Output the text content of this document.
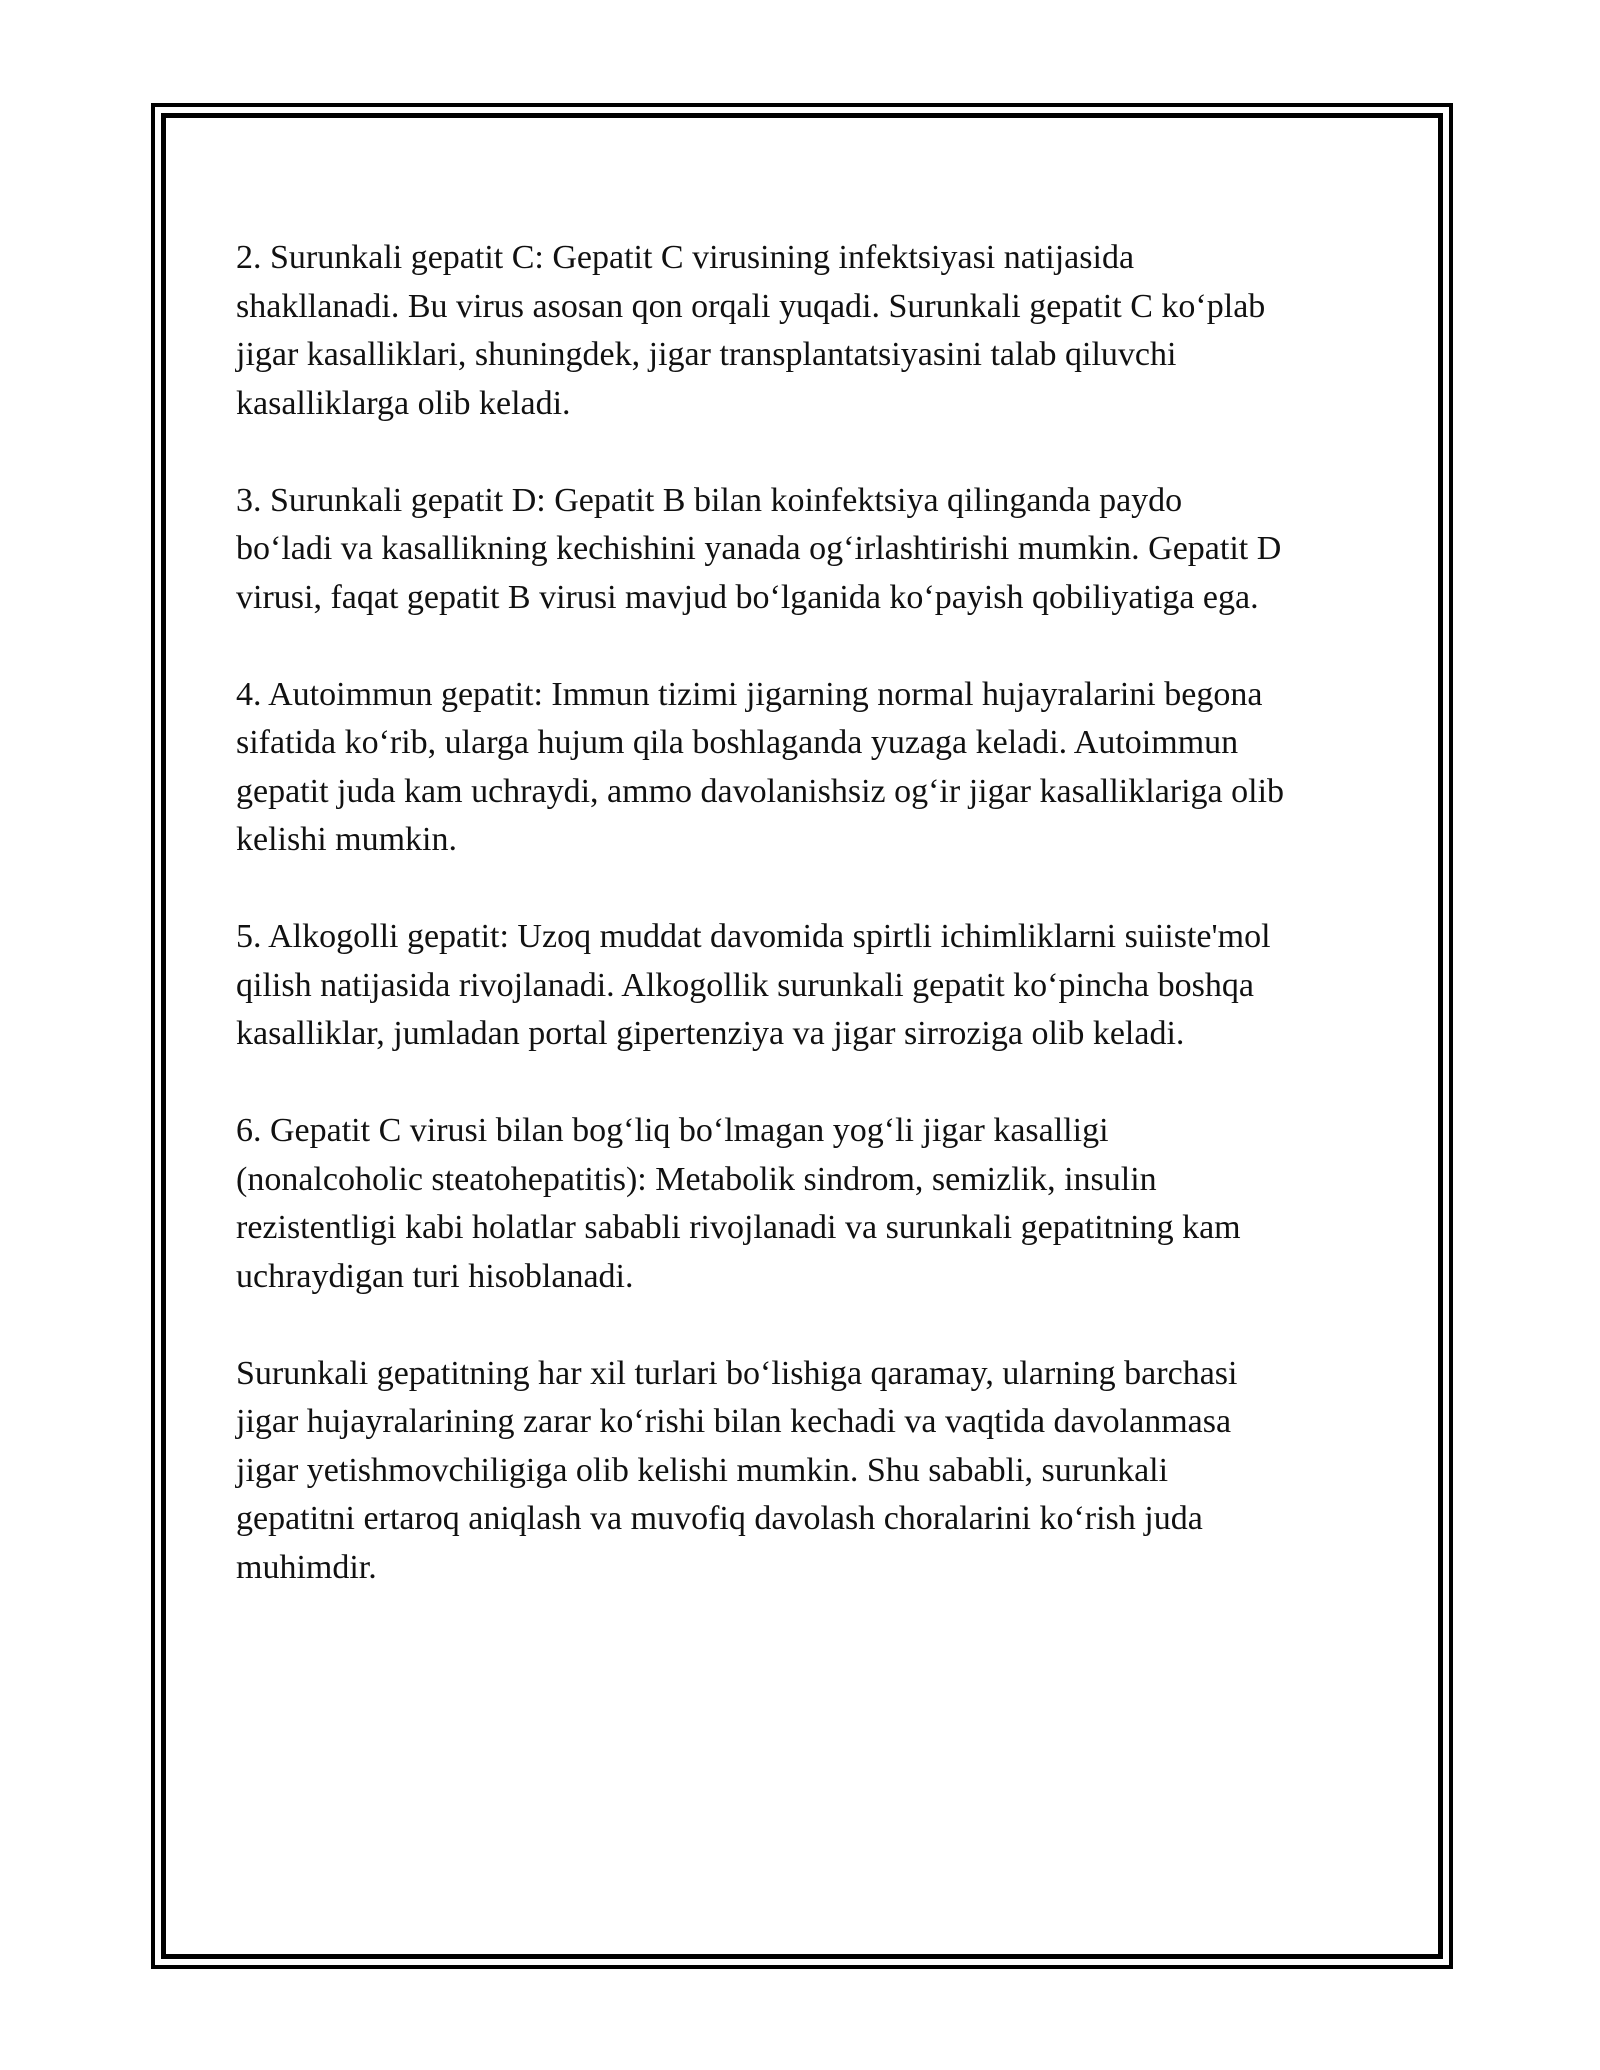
2. Surunkali gepatit C: Gepatit C virusining infektsiyasi natijasida
shakllanadi. Bu virus asosan qon orqali yuqadi. Surunkali gepatit C ko‘plab
jigar kasalliklari, shuningdek, jigar transplantatsiyasini talab qiluvchi
kasalliklarga olib keladi.

3. Surunkali gepatit D: Gepatit B bilan koinfektsiya qilinganda paydo
bo‘ladi va kasallikning kechishini yanada og‘irlashtirishi mumkin. Gepatit D
virusi, faqat gepatit B virusi mavjud bo‘lganida ko‘payish qobiliyatiga ega.

4. Autoimmun gepatit: Immun tizimi jigarning normal hujayralarini begona
sifatida ko‘rib, ularga hujum qila boshlaganda yuzaga keladi. Autoimmun
gepatit juda kam uchraydi, ammo davolanishsiz og‘ir jigar kasalliklariga olib
kelishi mumkin.

5. Alkogolli gepatit: Uzoq muddat davomida spirtli ichimliklarni suiiste'mol
qilish natijasida rivojlanadi. Alkogollik surunkali gepatit ko‘pincha boshqa
kasalliklar, jumladan portal gipertenziya va jigar sirroziga olib keladi.

6. Gepatit C virusi bilan bog‘liq bo‘lmagan yog‘li jigar kasalligi
(nonalcoholic steatohepatitis): Metabolik sindrom, semizlik, insulin
rezistentligi kabi holatlar sababli rivojlanadi va surunkali gepatitning kam
uchraydigan turi hisoblanadi.

Surunkali gepatitning har xil turlari bo‘lishiga qaramay, ularning barchasi
jigar hujayralarining zarar ko‘rishi bilan kechadi va vaqtida davolanmasa
jigar yetishmovchiligiga olib kelishi mumkin. Shu sababli, surunkali
gepatitni ertaroq aniqlash va muvofiq davolash choralarini ko‘rish juda
muhimdir.
